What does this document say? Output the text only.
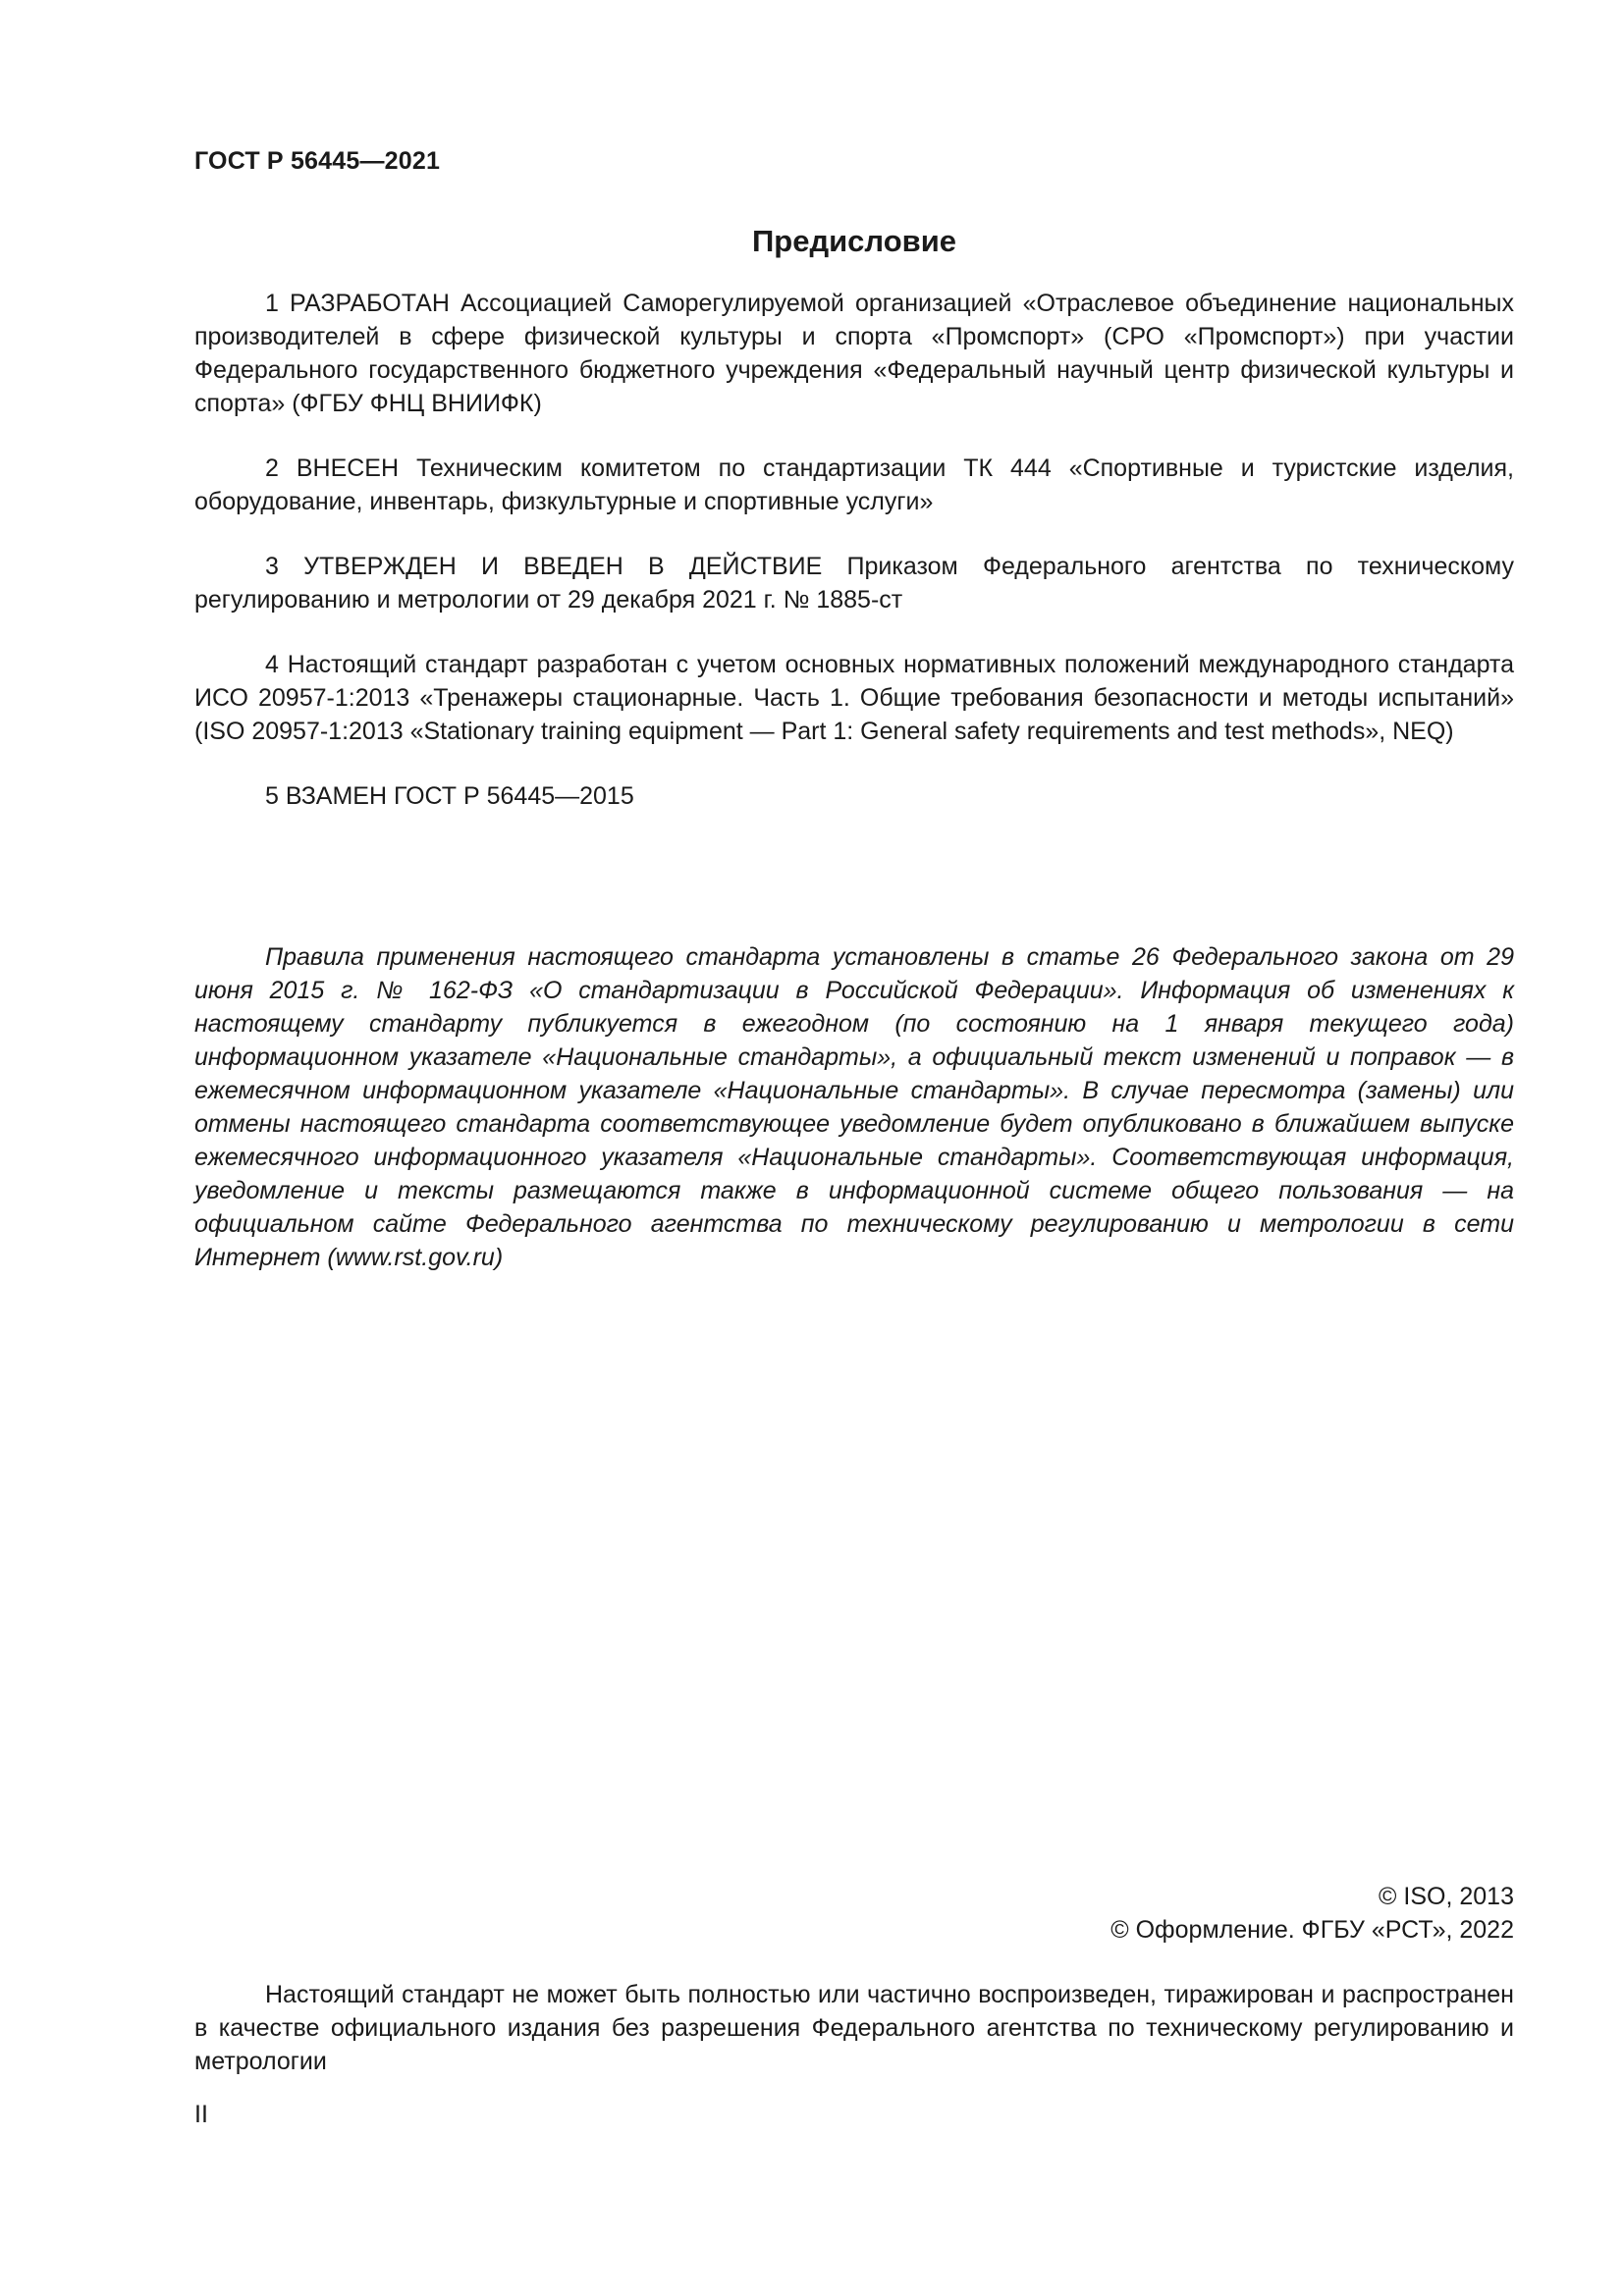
ГОСТ Р 56445—2021
Предисловие

1 РАЗРАБОТАН Ассоциацией Саморегулируемой организацией «Отраслевое объединение национальных производителей в сфере физической культуры и спорта «Промспорт» (СРО «Промспорт») при участии Федерального государственного бюджетного учреждения «Федеральный научный центр физической культуры и спорта» (ФГБУ ФНЦ ВНИИФК)

2 ВНЕСЕН Техническим комитетом по стандартизации ТК 444 «Спортивные и туристские изделия, оборудование, инвентарь, физкультурные и спортивные услуги»

3 УТВЕРЖДЕН И ВВЕДЕН В ДЕЙСТВИЕ Приказом Федерального агентства по техническому регулированию и метрологии от 29 декабря 2021 г. № 1885-ст

4 Настоящий стандарт разработан с учетом основных нормативных положений международного стандарта ИСО 20957-1:2013 «Тренажеры стационарные. Часть 1. Общие требования безопасности и методы испытаний» (ISO 20957-1:2013 «Stationary training equipment — Part 1: General safety requirements and test methods», NEQ)

5 ВЗАМЕН ГОСТ Р 56445—2015

Правила применения настоящего стандарта установлены в статье 26 Федерального закона от 29 июня 2015 г. № 162-ФЗ «О стандартизации в Российской Федерации». Информация об изменениях к настоящему стандарту публикуется в ежегодном (по состоянию на 1 января текущего года) информационном указателе «Национальные стандарты», а официальный текст изменений и поправок — в ежемесячном информационном указателе «Национальные стандарты». В случае пересмотра (замены) или отмены настоящего стандарта соответствующее уведомление будет опубликовано в ближайшем выпуске ежемесячного информационного указателя «Национальные стандарты». Соответствующая информация, уведомление и тексты размещаются также в информационной системе общего пользования — на официальном сайте Федерального агентства по техническому регулированию и метрологии в сети Интернет (www.rst.gov.ru)

© ISO, 2013
© Оформление. ФГБУ «РСТ», 2022

Настоящий стандарт не может быть полностью или частично воспроизведен, тиражирован и распространен в качестве официального издания без разрешения Федерального агентства по техническому регулированию и метрологии

II
